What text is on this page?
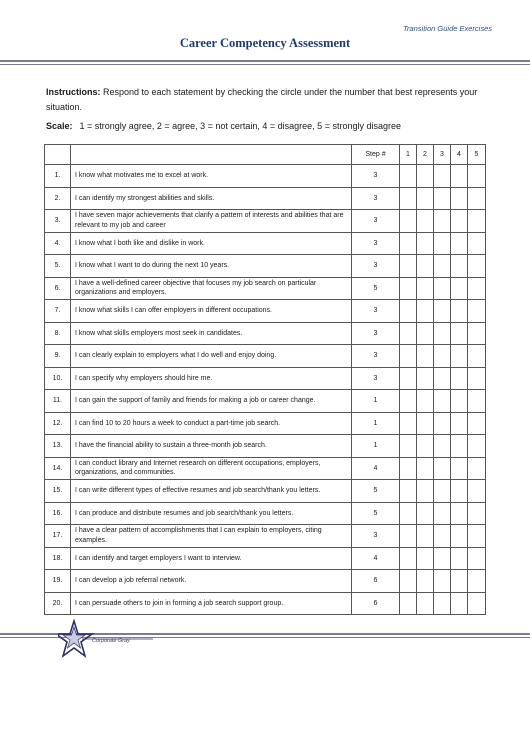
Transition Guide Exercises
Career Competency Assessment
Instructions: Respond to each statement by checking the circle under the number that best represents your situation.
Scale: 1 = strongly agree, 2 = agree, 3 = not certain, 4 = disagree, 5 = strongly disagree
		Step #	1	2	3	4	5
1.	I know what motivates me to excel at work.	3					
2.	I can identify my strongest abilities and skills.	3					
3.	I have seven major achievements that clarify a pattern of interests and abilities that are relevant to my job and career	3					
4.	I know what I both like and dislike in work.	3					
5.	I know what I want to do during the next 10 years.	3					
6.	I have a well-defined career objective that focuses my job search on particular organizations and employers.	5					
7.	I know what skills I can offer employers in different occupations.	3					
8.	I know what skills employers most seek in candidates.	3					
9.	I can clearly explain to employers what I do well and enjoy doing.	3					
10.	I can specify why employers should hire me.	3					
11.	I can gain the support of family and friends for making a job or career change.	1					
12.	I can find 10 to 20 hours a week to conduct a part-time job search.	1					
13.	I have the financial ability to sustain a three-month job search.	1					
14.	I can conduct library and Internet research on different occupations, employers, organizations, and communities.	4					
15.	I can write different types of effective resumes and job search/thank you letters.	5					
16.	I can produce and distribute resumes and job search/thank you letters.	5					
17.	I have a clear pattern of accomplishments that I can explain to employers, citing examples.	3					
18.	I can identify and target employers I want to interview.	4					
19.	I can develop a job referral network.	6					
20.	I can persuade others to join in forming a job search support group.	6					
Corporate Gray
